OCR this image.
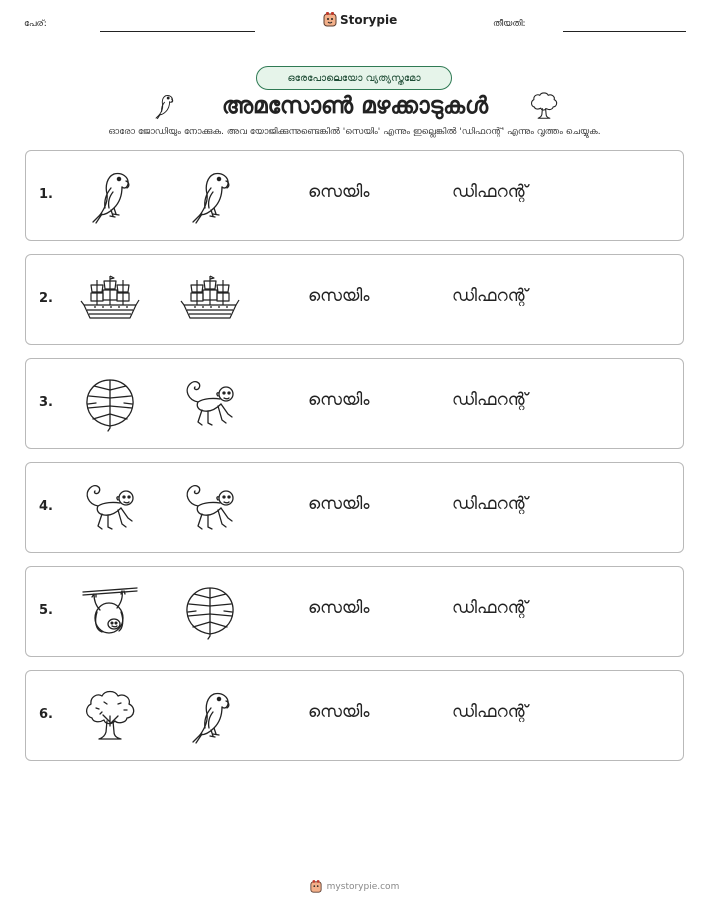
പേര്:	Storypie	തീയതി:
ഒരേപോലെയോ വ്യത്യസ്തമോ
അമസോൺ മഴക്കാടുകൾ
ഓരോ ജോഡിയും നോക്കുക. അവ യോജിക്കുന്നുണ്ടെങ്കിൽ 'സെയിം' എന്നും ഇല്ലെങ്കിൽ 'ഡിഫറന്റ്' എന്നും വൃത്തം ചെയ്യുക.
1.	സെയിം	ഡിഫറന്റ്
2.	സെയിം	ഡിഫറന്റ്
3.	സെയിം	ഡിഫറന്റ്
4.	സെയിം	ഡിഫറന്റ്
5.	സെയിം	ഡിഫറന്റ്
6.	സെയിം	ഡിഫറന്റ്
mystorypie.com
